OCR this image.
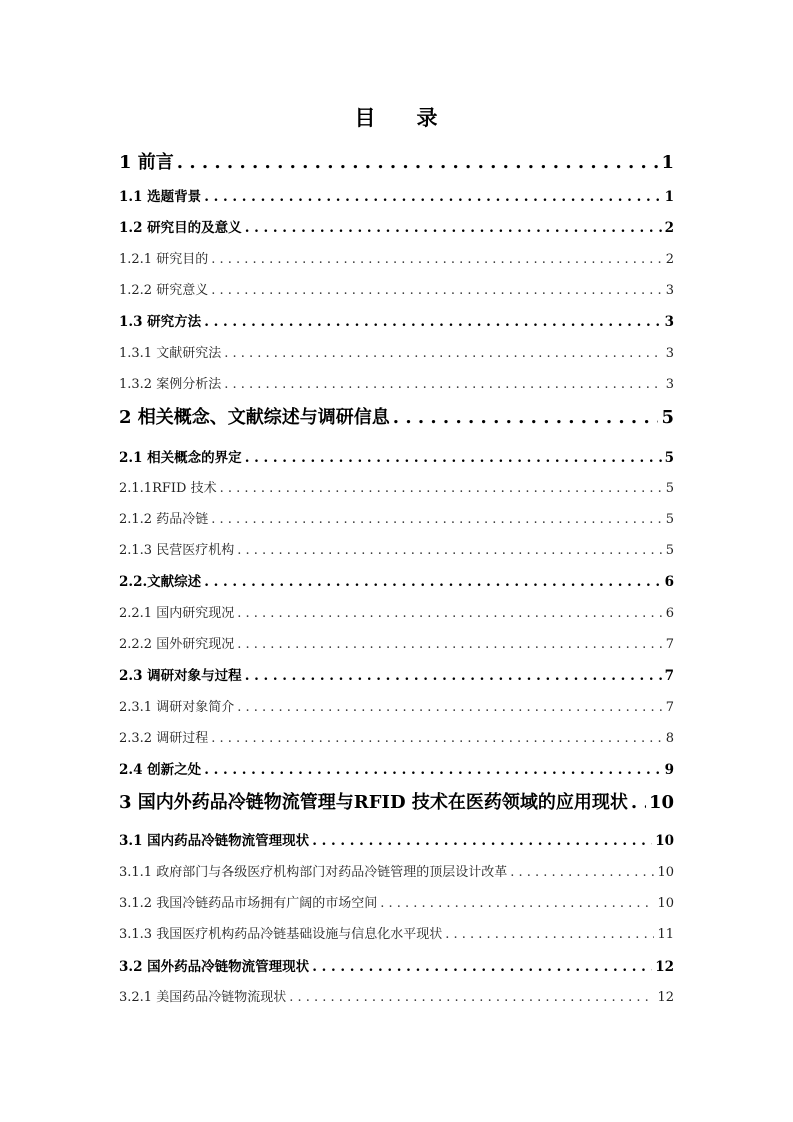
目 录
1 前言 . . .	1
1.1 选题背景 . . .	1
1.2 研究目的及意义 . . .	2
1.2.1 研究目的 . . .	2
1.2.2 研究意义 . . .	3
1.3 研究方法 . . .	3
1.3.1 文献研究法 . . .	3
1.3.2 案例分析法 . . .	3
2 相关概念、文献综述与调研信息 . . .	5
2.1 相关概念的界定 . . .	5
2.1.1RFID 技术 . . .	5
2.1.2 药品冷链 . . .	5
2.1.3 民营医疗机构 . . .	5
2.2.文献综述 . . .	6
2.2.1 国内研究现况 . . .	6
2.2.2 国外研究现况 . . .	7
2.3 调研对象与过程 . . .	7
2.3.1 调研对象简介 . . .	7
2.3.2 调研过程 . . .	8
2.4 创新之处 . . .	9
3 国内外药品冷链物流管理与RFID 技术在医药领域的应用现状 . . . 10
3.1 国内药品冷链物流管理现状 . . .	10
3.1.1 政府部门与各级医疗机构部门对药品冷链管理的顶层设计改革 . . .	10
3.1.2 我国冷链药品市场拥有广阔的市场空间 . . .	10
3.1.3 我国医疗机构药品冷链基础设施与信息化水平现状 . . .	11
3.2 国外药品冷链物流管理现状 . . .	12
3.2.1 美国药品冷链物流现状 . . .	12
